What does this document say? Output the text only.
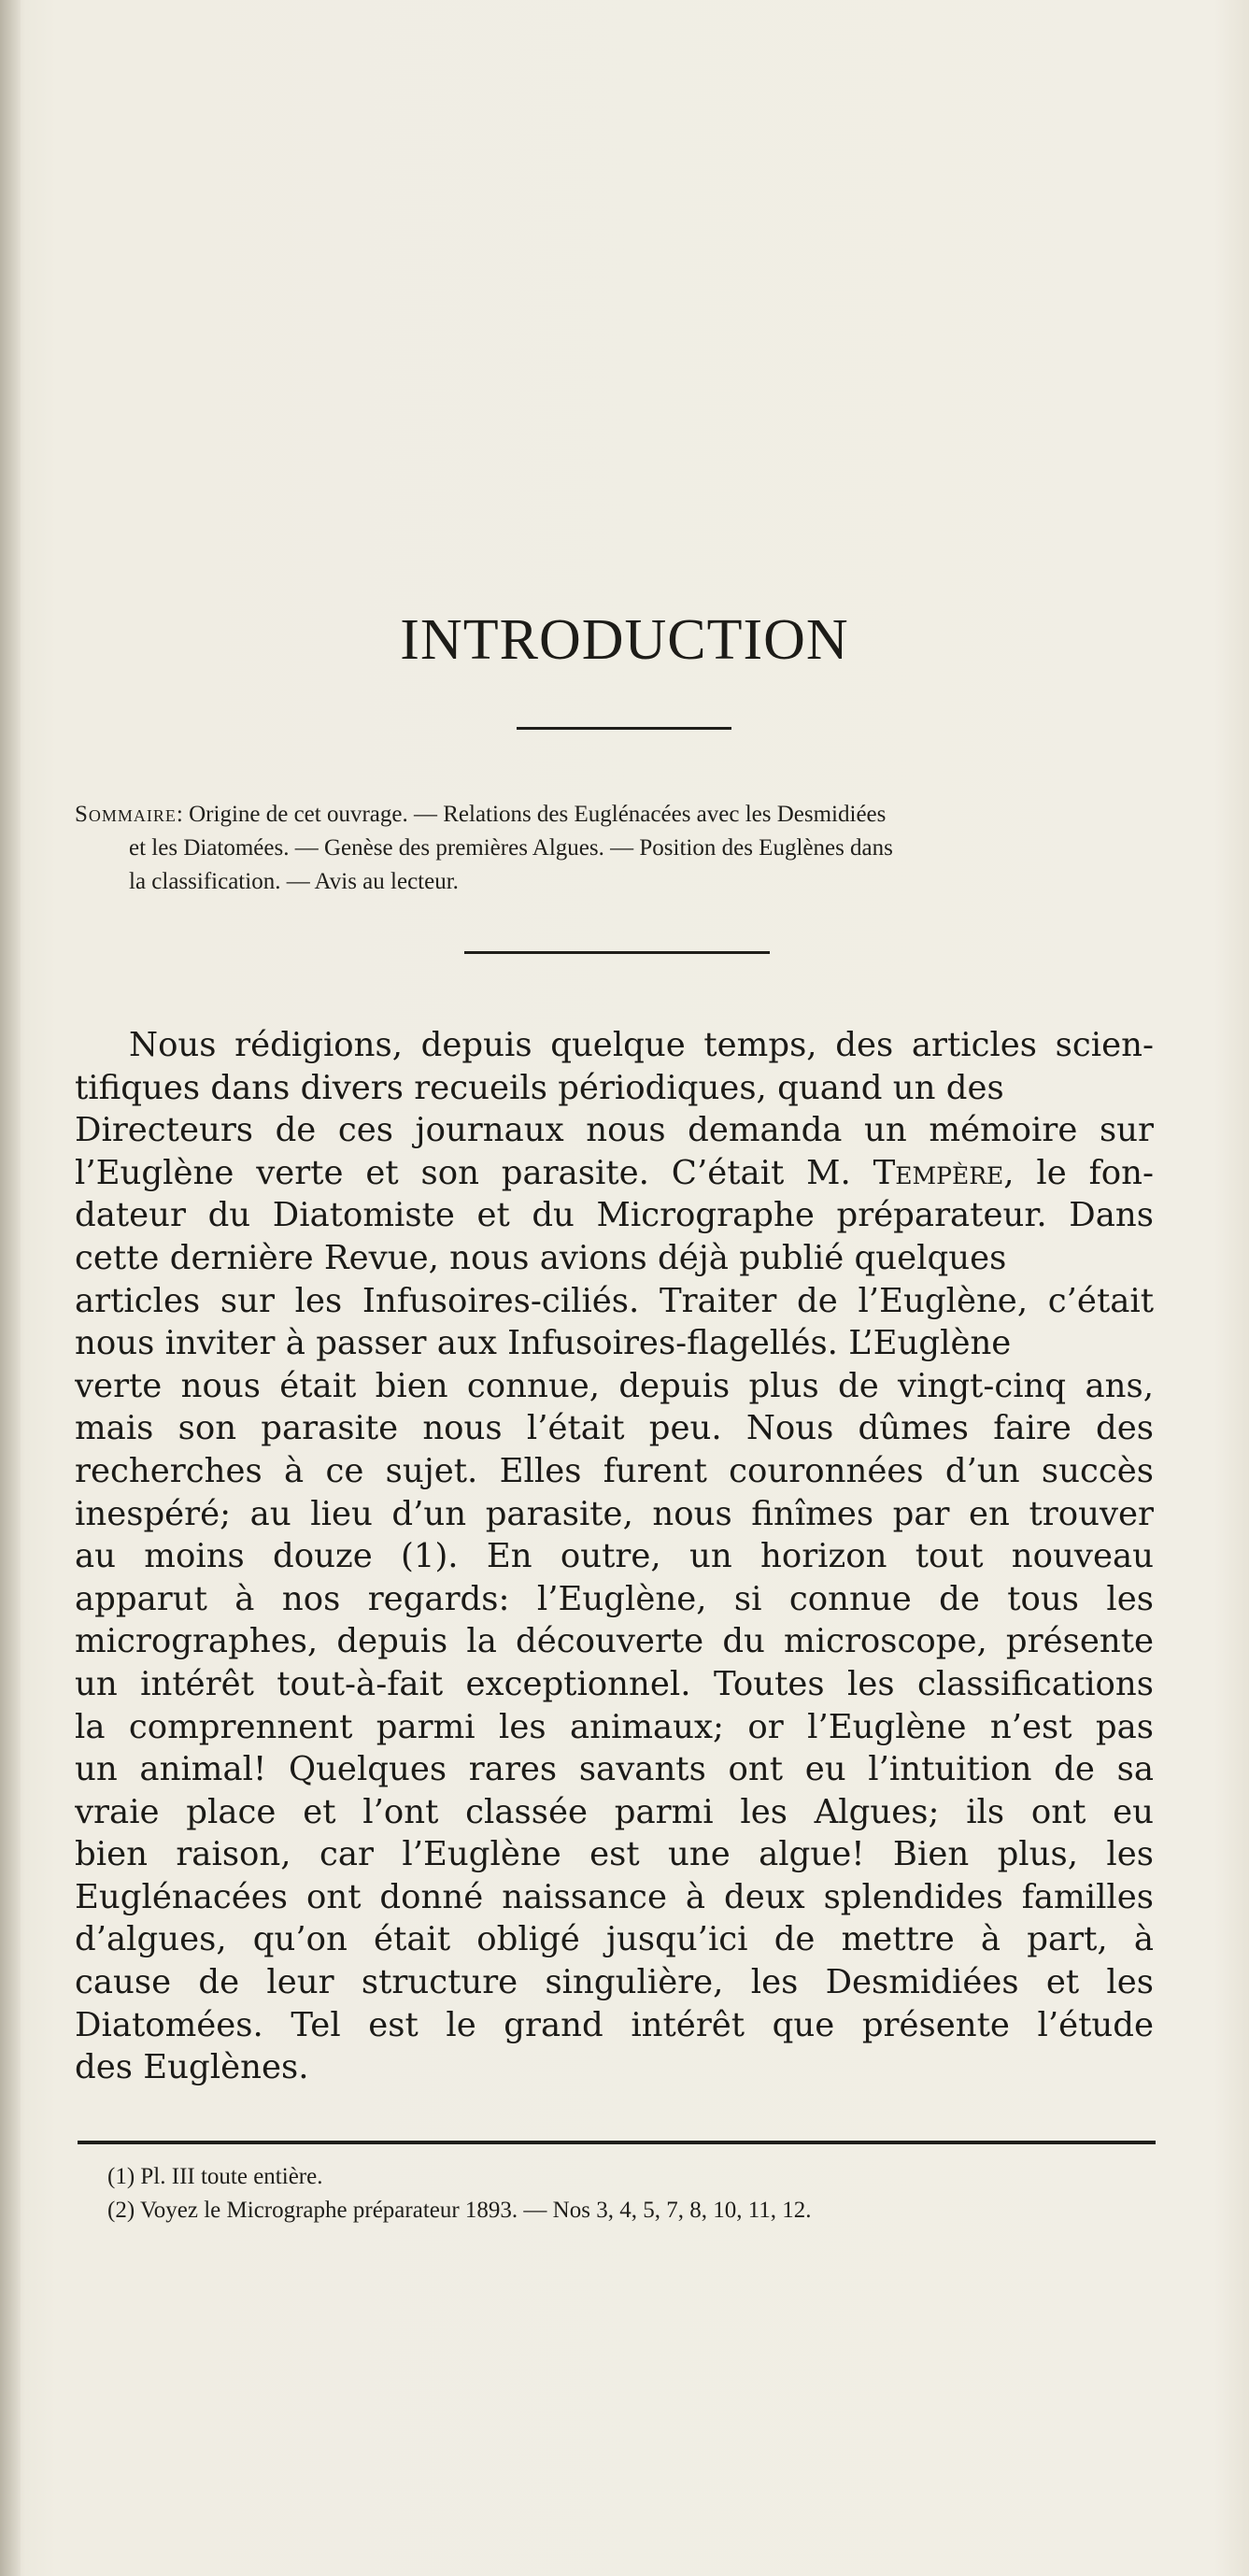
INTRODUCTION
Sommaire: Origine de cet ouvrage. — Relations des Euglénacées avec les Desmidiées
et les Diatomées. — Genèse des premières Algues. — Position des Euglènes dans
la classification. — Avis au lecteur.
Nous rédigions, depuis quelque temps, des articles scien-
tifiques dans divers recueils périodiques, quand un des
Directeurs de ces journaux nous demanda un mémoire sur
l’Euglène verte et son parasite. C’était M. Tempère, le fon-
dateur du Diatomiste et du Micrographe préparateur. Dans
cette dernière Revue, nous avions déjà publié quelques
articles sur les Infusoires-ciliés. Traiter de l’Euglène, c’était
nous inviter à passer aux Infusoires-flagellés. L’Euglène
verte nous était bien connue, depuis plus de vingt-cinq ans,
mais son parasite nous l’était peu. Nous dûmes faire des
recherches à ce sujet. Elles furent couronnées d’un succès
inespéré; au lieu d’un parasite, nous finîmes par en trouver
au moins douze (1). En outre, un horizon tout nouveau
apparut à nos regards: l’Euglène, si connue de tous les
micrographes, depuis la découverte du microscope, présente
un intérêt tout-à-fait exceptionnel. Toutes les classifications
la comprennent parmi les animaux; or l’Euglène n’est pas
un animal! Quelques rares savants ont eu l’intuition de sa
vraie place et l’ont classée parmi les Algues; ils ont eu
bien raison, car l’Euglène est une algue! Bien plus, les
Euglénacées ont donné naissance à deux splendides familles
d’algues, qu’on était obligé jusqu’ici de mettre à part, à
cause de leur structure singulière, les Desmidiées et les
Diatomées. Tel est le grand intérêt que présente l’étude
des Euglènes.
(1) Pl. III toute entière.
(2) Voyez le Micrographe préparateur 1893. — Nos 3, 4, 5, 7, 8, 10, 11, 12.
